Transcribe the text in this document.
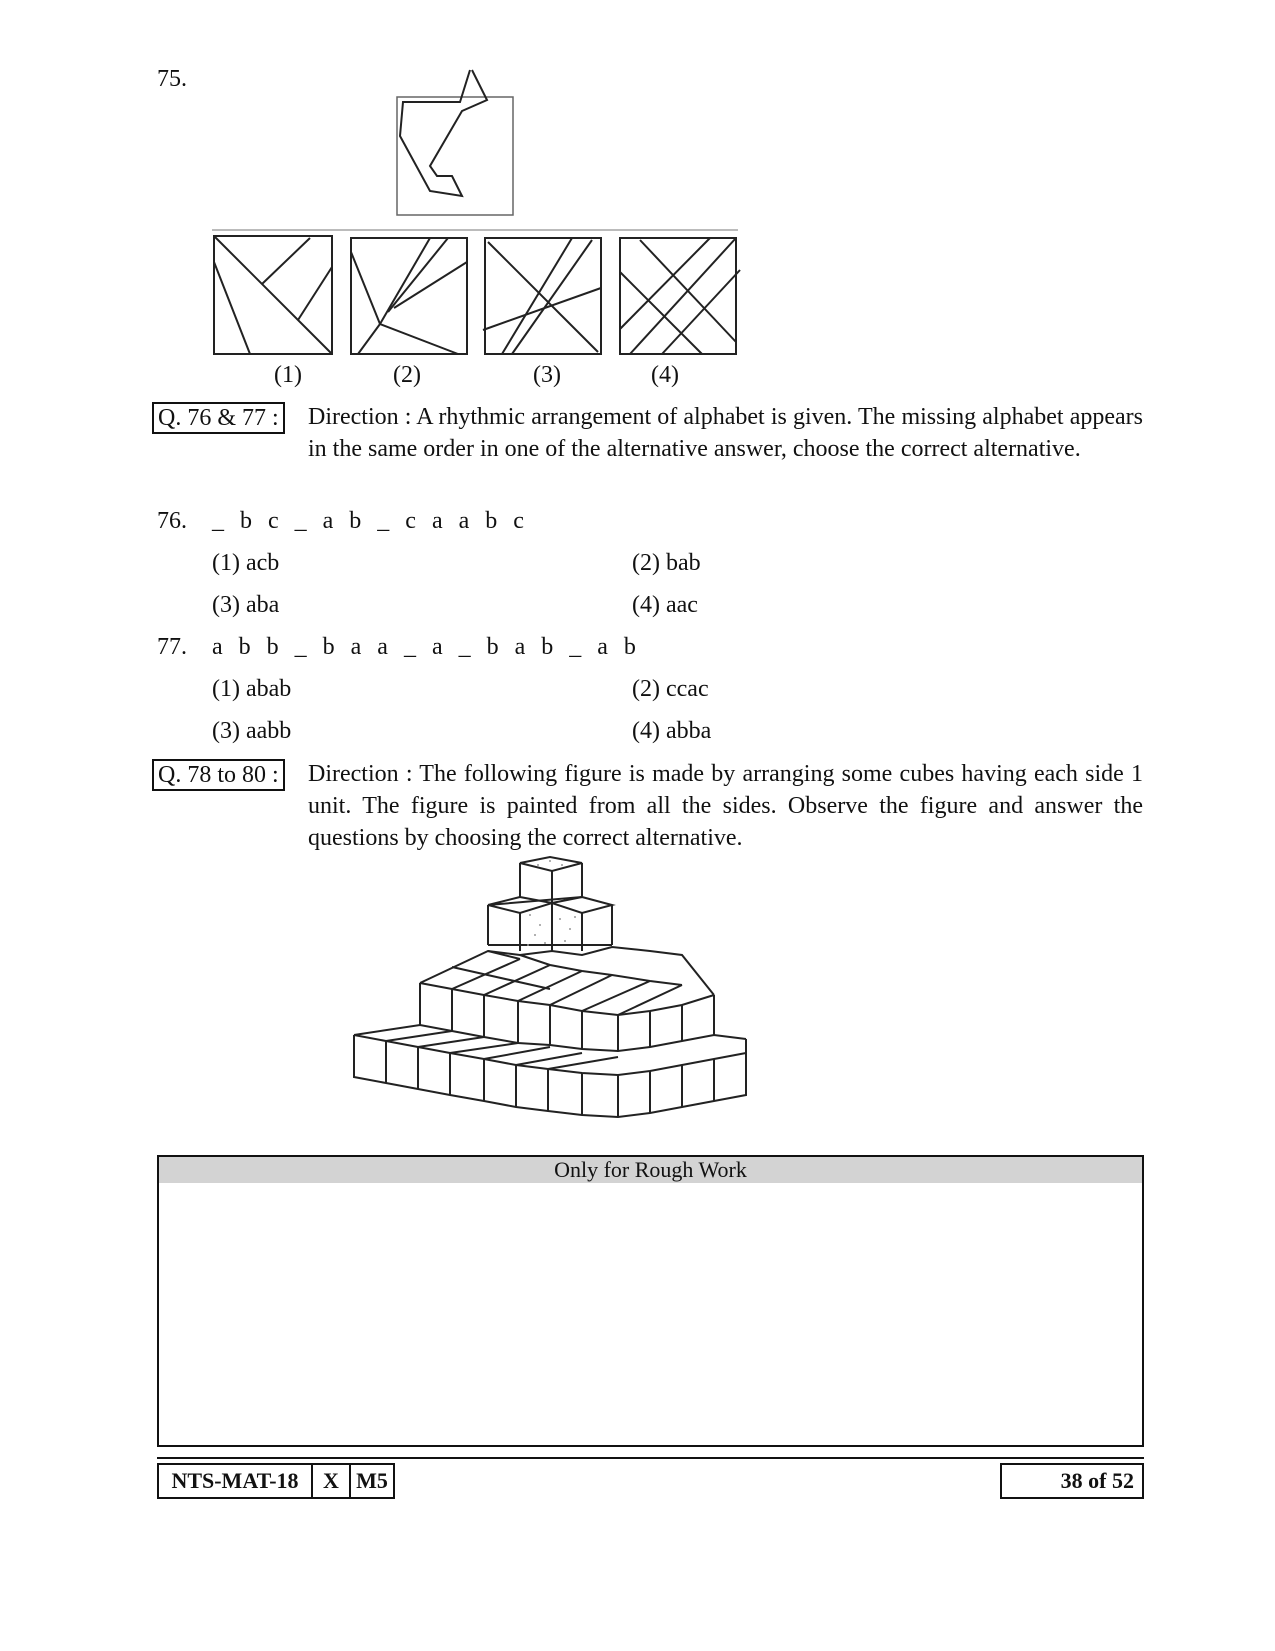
75.
(1)	(2)	(3)	(4)
Q. 76 & 77 : Direction : A rhythmic arrangement of alphabet is given. The missing alphabet appears in the same order in one of the alternative answer, choose the correct alternative.
76. _ b c _ a b _ c a a b c
(1) acb	(2) bab
(3) aba	(4) aac
77. a b b _ b a a _ a _ b a b _ a b
(1) abab	(2) ccac
(3) aabb	(4) abba
Q. 78 to 80 : Direction : The following figure is made by arranging some cubes having each side 1 unit. The figure is painted from all the sides. Observe the figure and answer the questions by choosing the correct alternative.
Only for Rough Work
NTS-MAT-18	X M5	38 of 52
